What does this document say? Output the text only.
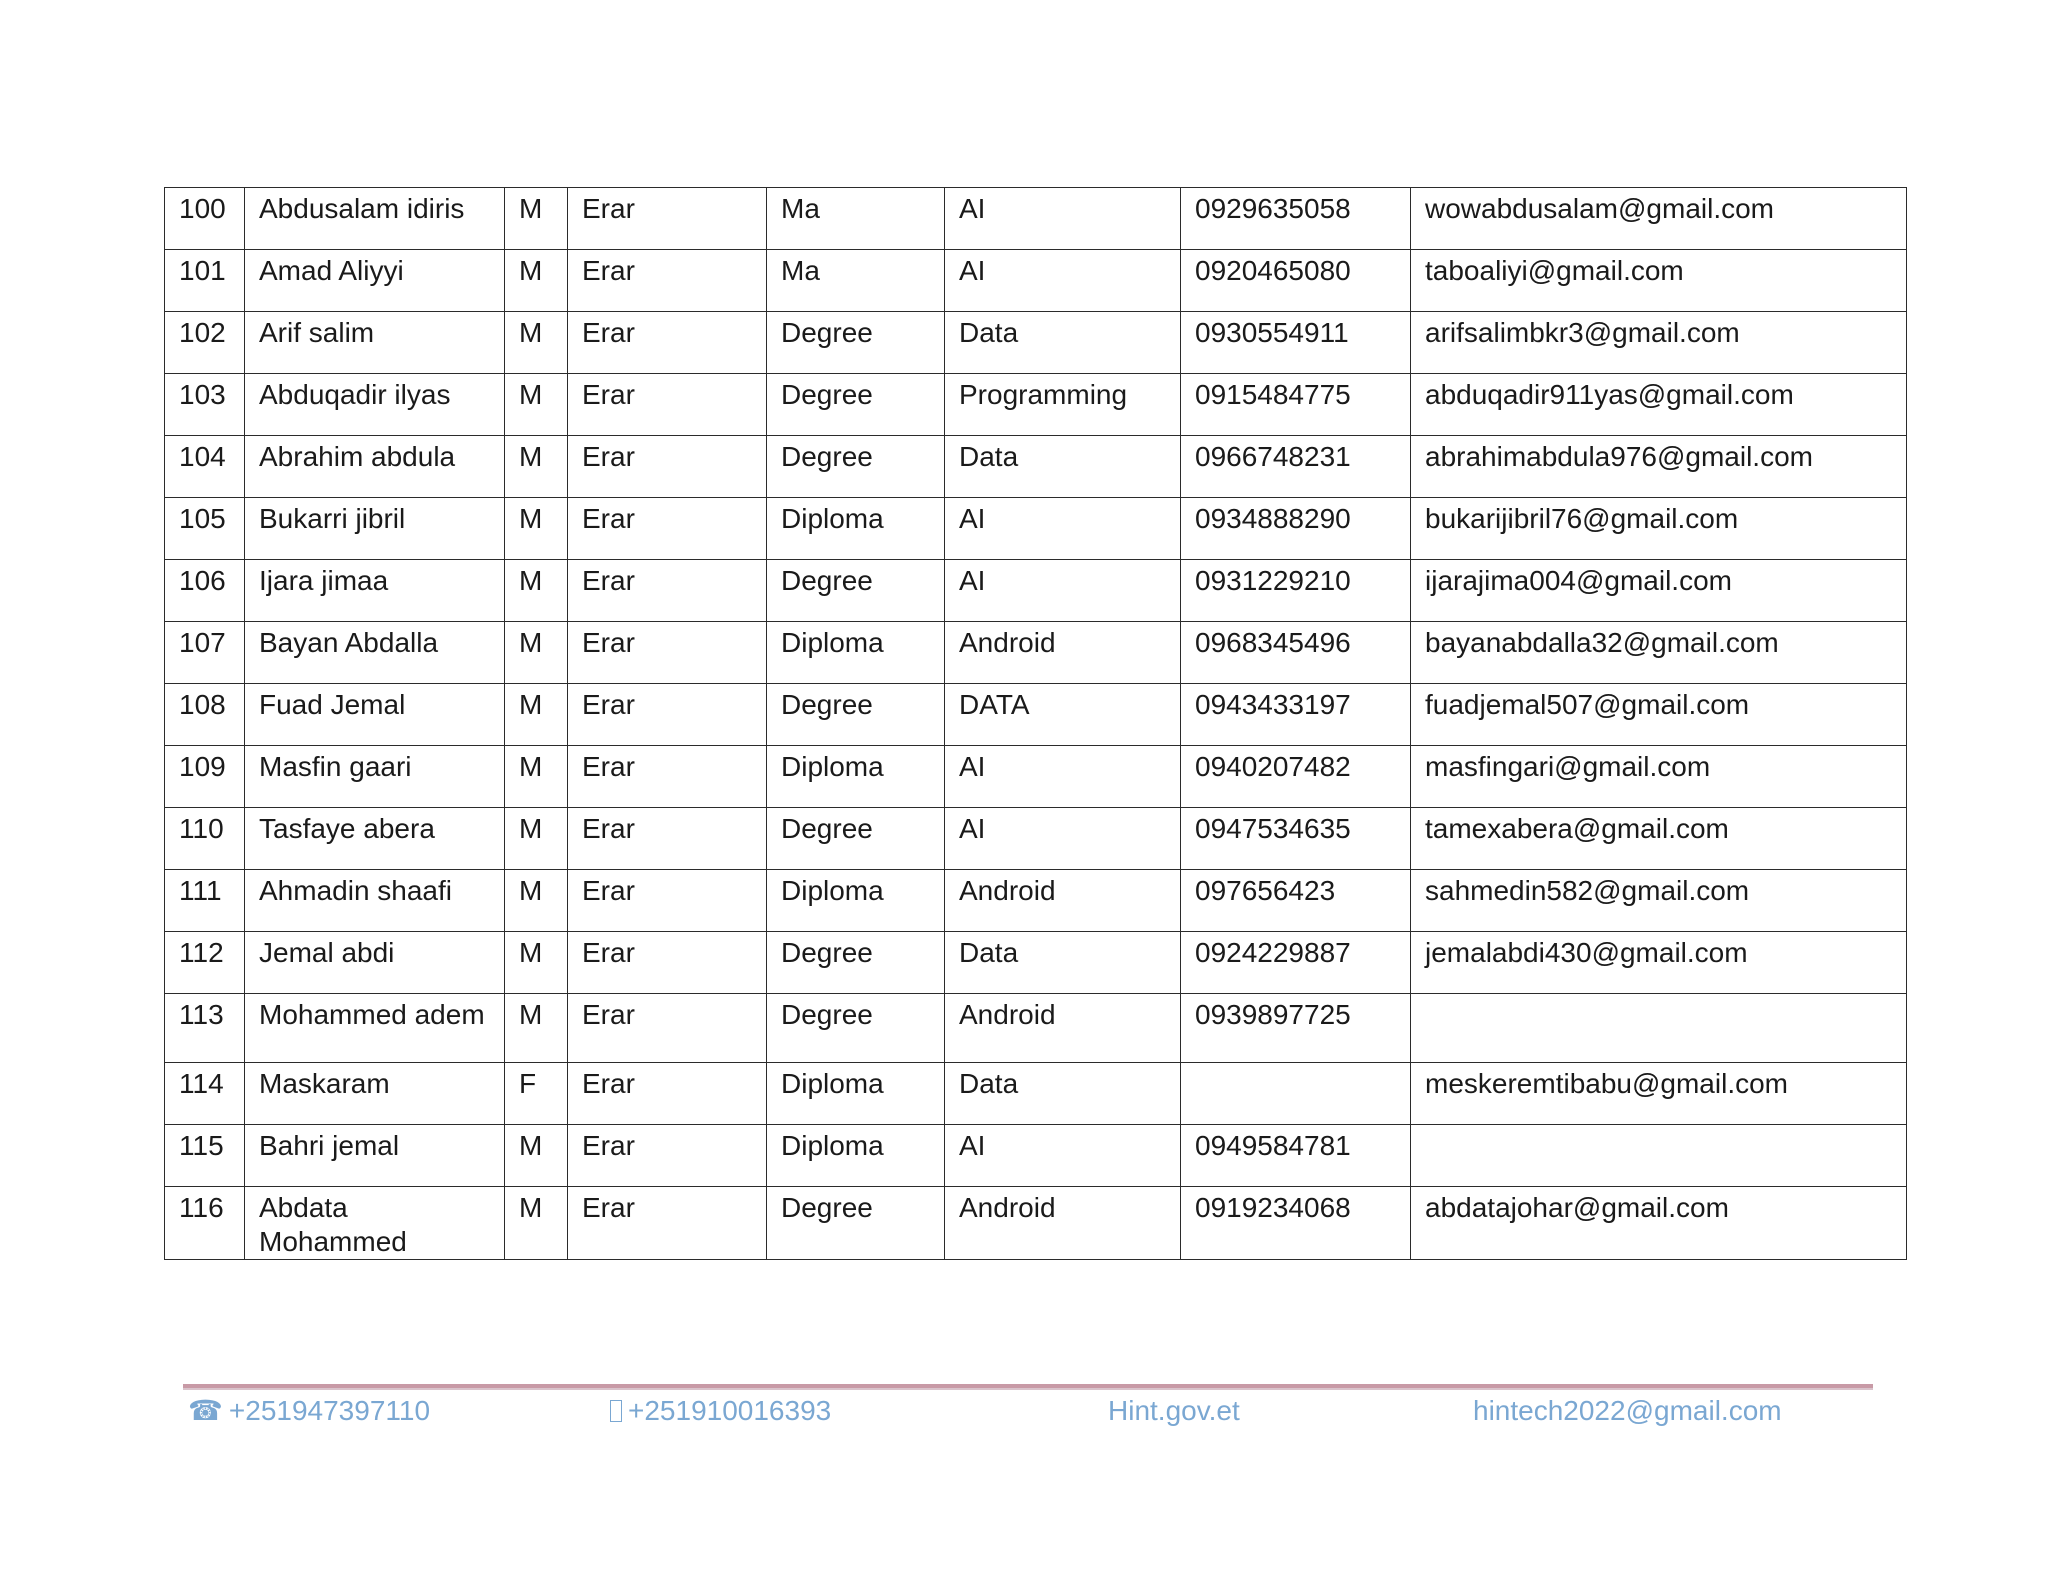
100	Abdusalam idiris	M	Erar	Ma	AI	0929635058	wowabdusalam@gmail.com
101	Amad Aliyyi	M	Erar	Ma	AI	0920465080	taboaliyi@gmail.com
102	Arif salim	M	Erar	Degree	Data	0930554911	arifsalimbkr3@gmail.com
103	Abduqadir ilyas	M	Erar	Degree	Programming	0915484775	abduqadir911yas@gmail.com
104	Abrahim abdula	M	Erar	Degree	Data	0966748231	abrahimabdula976@gmail.com
105	Bukarri jibril	M	Erar	Diploma	AI	0934888290	bukarijibril76@gmail.com
106	Ijara jimaa	M	Erar	Degree	AI	0931229210	ijarajima004@gmail.com
107	Bayan Abdalla	M	Erar	Diploma	Android	0968345496	bayanabdalla32@gmail.com
108	Fuad Jemal	M	Erar	Degree	DATA	0943433197	fuadjemal507@gmail.com
109	Masfin gaari	M	Erar	Diploma	AI	0940207482	masfingari@gmail.com
110	Tasfaye abera	M	Erar	Degree	AI	0947534635	tamexabera@gmail.com
111	Ahmadin shaafi	M	Erar	Diploma	Android	097656423	sahmedin582@gmail.com
112	Jemal abdi	M	Erar	Degree	Data	0924229887	jemalabdi430@gmail.com
113	Mohammed adem	M	Erar	Degree	Android	0939897725	
114	Maskaram	F	Erar	Diploma	Data		meskeremtibabu@gmail.com
115	Bahri jemal	M	Erar	Diploma	AI	0949584781	
116	Abdata Mohammed	M	Erar	Degree	Android	0919234068	abdatajohar@gmail.com
☎ +251947397110	+251910016393	Hint.gov.et	hintech2022@gmail.com
